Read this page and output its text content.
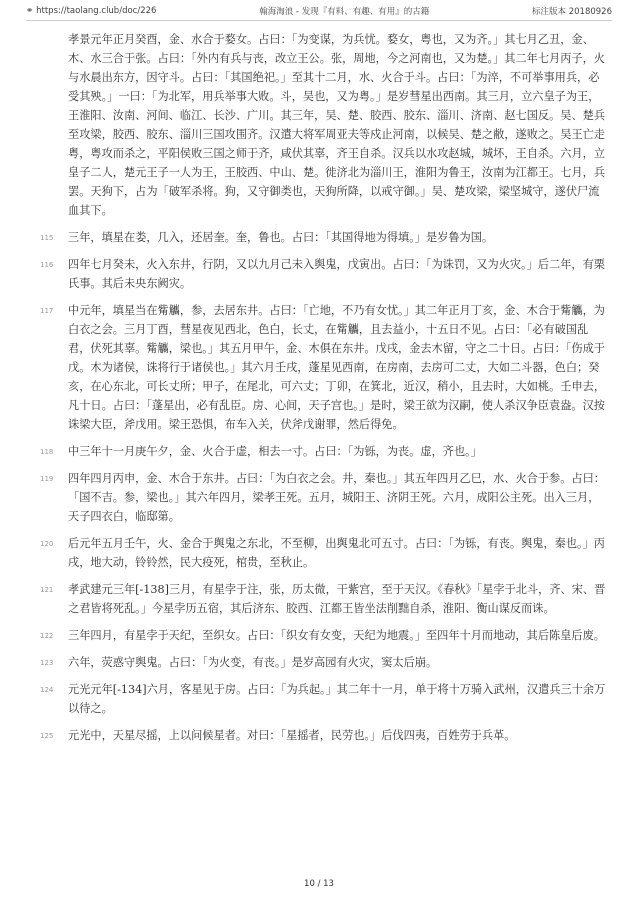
⚭ https://taolang.club/doc/226	翰海淘浪 - 发现『有料、有趣、有用』的古籍	标注版本 20180926

孝景元年正月癸酉，金、水合于婺女。占曰：「为变谋，为兵忧。婺女，粤也，又为齐。」其七月乙丑，金、木、水三合于张。占曰：「外内有兵与丧，改立王公。张，周地，今之河南也，又为楚。」其二年七月丙子，火与水晨出东方，因守斗。占曰：「其国绝祀。」至其十二月，水、火合于斗。占曰：「为淬，不可举事用兵，必受其殃。」一曰：「为北军，用兵举事大败。斗，吴也，又为粤。」是岁彗星出西南。其三月，立六皇子为王，王淮阳、汝南、河间、临江、长沙、广川。其三年，吴、楚、胶西、胶东、淄川、济南、赵七国反。吴、楚兵至攻梁，胶西、胶东、淄川三国攻围齐。汉遣大将军周亚夫等戍止河南，以候吴、楚之敝，遂败之。吴王亡走粤，粤攻而杀之，平阳侯败三国之师于齐，咸伏其辜，齐王自杀。汉兵以水攻赵城，城坏，王自杀。六月，立皇子二人，楚元王子一人为王，王胶西、中山、楚。徙济北为淄川王，淮阳为鲁王，汝南为江都王。七月，兵罢。天狗下，占为「破军杀将。狗，又守御类也，天狗所降，以戒守御。」吴、楚攻梁，梁坚城守，遂伏尸流血其下。

115 三年，填星在娄，几入，还居奎。奎，鲁也。占曰：「其国得地为得填。」是岁鲁为国。

116 四年七月癸未，火入东井，行阴，又以九月己未入舆鬼，戊寅出。占曰：「为诛罚，又为火灾。」后二年，有栗氏事。其后未央东阙灾。

117 中元年，填星当在觜觿，参，去居东井。占曰：「亡地，不乃有女忧。」其二年正月丁亥，金、木合于觜觿，为白衣之会。三月丁酉，彗星夜见西北，色白，长丈，在觜觿，且去益小，十五日不见。占曰：「必有破国乱君，伏死其辜。觜觿，梁也。」其五月甲午，金、木俱在东井。戊戌，金去木留，守之二十日。占曰：「伤成于戊。木为诸侯，诛将行于诸侯也。」其六月壬戌，蓬星见西南，在房南，去房可二丈，大如二斗器，色白；癸亥，在心东北，可长丈所；甲子，在尾北，可六丈；丁卯，在箕北，近汉，稍小，且去时，大如桃。壬申去，凡十日。占曰：「蓬星出，必有乱臣。房、心间，天子宫也。」是时，梁王欲为汉嗣，使人杀汉争臣袁盎。汉按诛梁大臣，斧戊用。梁王恐惧，布车入关，伏斧戊谢罪，然后得免。

118 中三年十一月庚午夕，金、火合于虚，相去一寸。占曰：「为铄，为丧。虚，齐也。」

119 四年四月丙申，金、木合于东井。占曰：「为白衣之会。井，秦也。」其五年四月乙巳，水、火合于参。占曰：「国不吉。参，梁也。」其六年四月，梁孝王死。五月，城阳王、济阴王死。六月，成阳公主死。出入三月，天子四衣白，临邸第。

120 后元年五月壬午，火、金合于舆鬼之东北，不至柳，出舆鬼北可五寸。占曰：「为铄，有丧。舆鬼，秦也。」丙戌，地大动，铃铃然，民大疫死，棺贵，至秋止。

121 孝武建元三年[-138]三月，有星孛于注，张，历太微，干紫宫，至于天汉。《春秋》「星孛于北斗，齐、宋、晋之君皆将死乱。」今星孛历五宿，其后济东、胶西、江都王皆坐法削黜自杀，淮阳、衡山谋反而诛。

122 三年四月，有星孛于天纪，至织女。占曰：「织女有女变，天纪为地震。」至四年十月而地动，其后陈皇后废。

123 六年，荧惑守舆鬼。占曰：「为火变，有丧。」是岁高园有火灾，窦太后崩。

124 元光元年[-134]六月，客星见于房。占曰：「为兵起。」其二年十一月，单于将十万骑入武州，汉遣兵三十余万以待之。

125 元光中，天星尽摇，上以问候星者。对曰：「星摇者，民劳也。」后伐四夷，百姓劳于兵革。

10 / 13
